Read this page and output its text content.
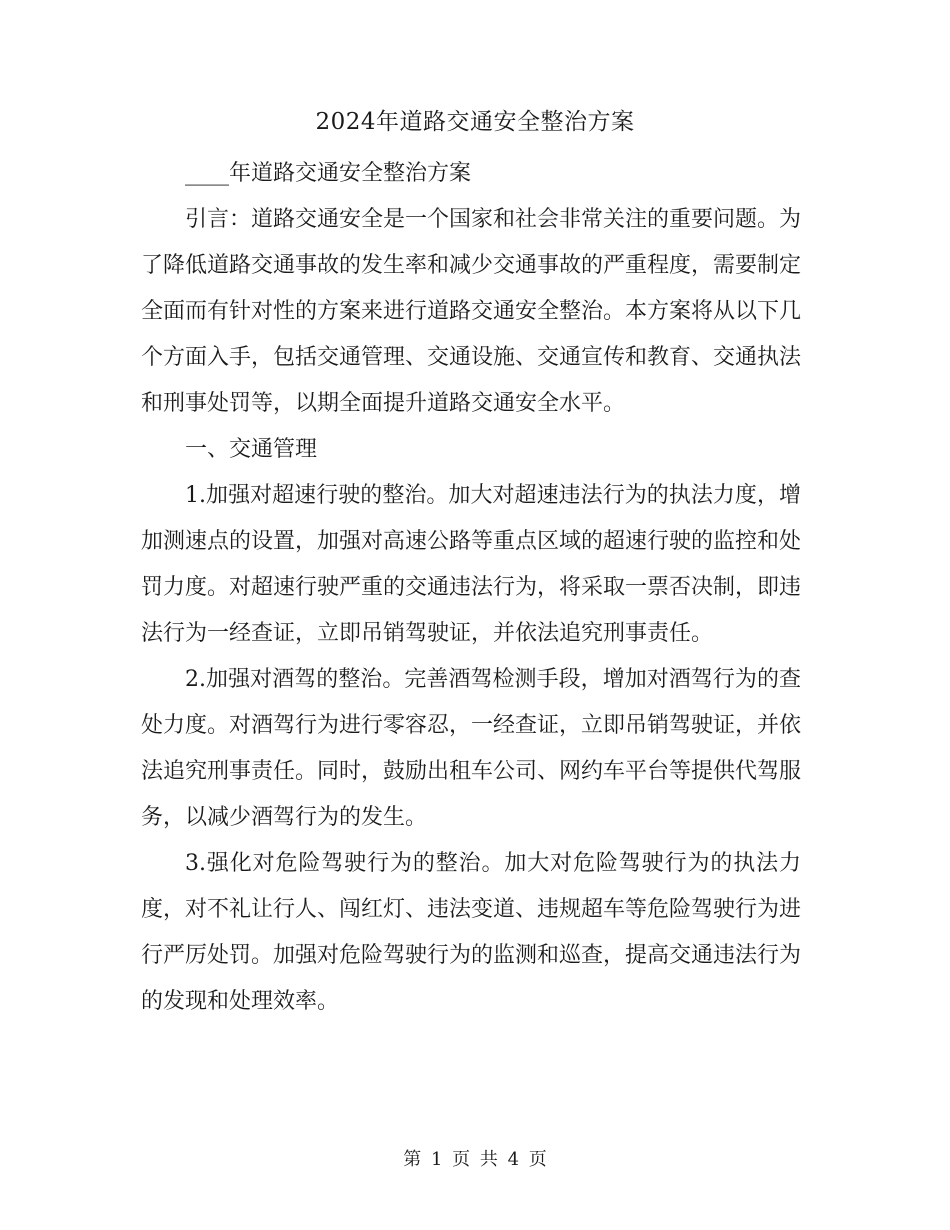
2024年道路交通安全整治方案

____年道路交通安全整治方案

引言：道路交通安全是一个国家和社会非常关注的重要问题。为了降低道路交通事故的发生率和减少交通事故的严重程度，需要制定全面而有针对性的方案来进行道路交通安全整治。本方案将从以下几个方面入手，包括交通管理、交通设施、交通宣传和教育、交通执法和刑事处罚等，以期全面提升道路交通安全水平。

一、交通管理

1.加强对超速行驶的整治。加大对超速违法行为的执法力度，增加测速点的设置，加强对高速公路等重点区域的超速行驶的监控和处罚力度。对超速行驶严重的交通违法行为，将采取一票否决制，即违法行为一经查证，立即吊销驾驶证，并依法追究刑事责任。

2.加强对酒驾的整治。完善酒驾检测手段，增加对酒驾行为的查处力度。对酒驾行为进行零容忍，一经查证，立即吊销驾驶证，并依法追究刑事责任。同时，鼓励出租车公司、网约车平台等提供代驾服务，以减少酒驾行为的发生。

3.强化对危险驾驶行为的整治。加大对危险驾驶行为的执法力度，对不礼让行人、闯红灯、违法变道、违规超车等危险驾驶行为进行严厉处罚。加强对危险驾驶行为的监测和巡查，提高交通违法行为的发现和处理效率。

第 1 页 共 4 页
